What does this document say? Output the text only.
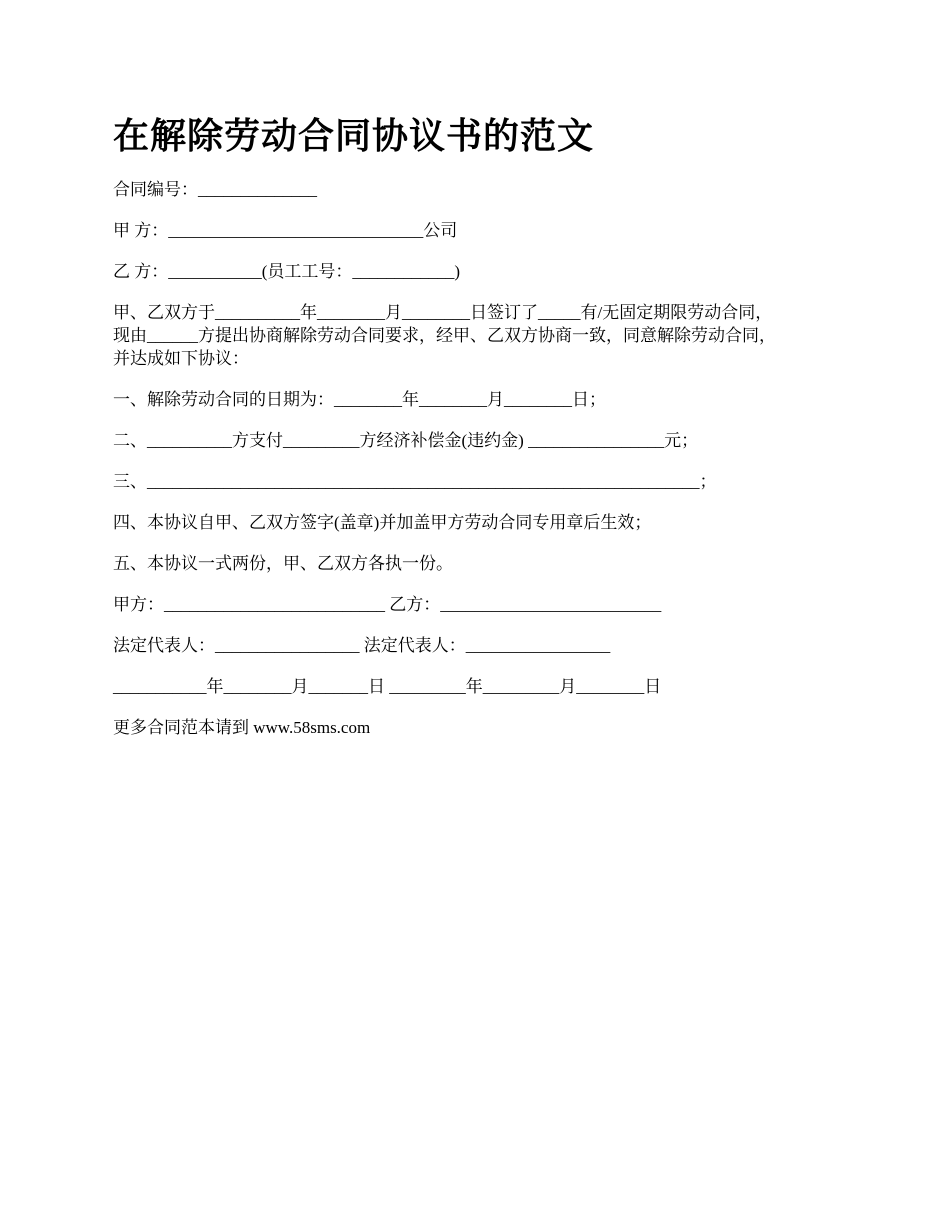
在解除劳动合同协议书的范文

合同编号：______________

甲 方：______________________________公司

乙 方：___________(员工工号：____________)

甲、乙双方于__________年________月________日签订了_____有/无固定期限劳动合同，
现由______方提出协商解除劳动合同要求，经甲、乙双方协商一致，同意解除劳动合同，
并达成如下协议：

一、解除劳动合同的日期为：________年________月________日；

二、__________方支付_________方经济补偿金(违约金) ________________元；

三、_________________________________________________________________；

四、本协议自甲、乙双方签字(盖章)并加盖甲方劳动合同专用章后生效；

五、本协议一式两份，甲、乙双方各执一份。

甲方：__________________________ 乙方：__________________________

法定代表人：_________________ 法定代表人：_________________

___________年________月_______日 _________年_________月________日

更多合同范本请到 www.58sms.com
